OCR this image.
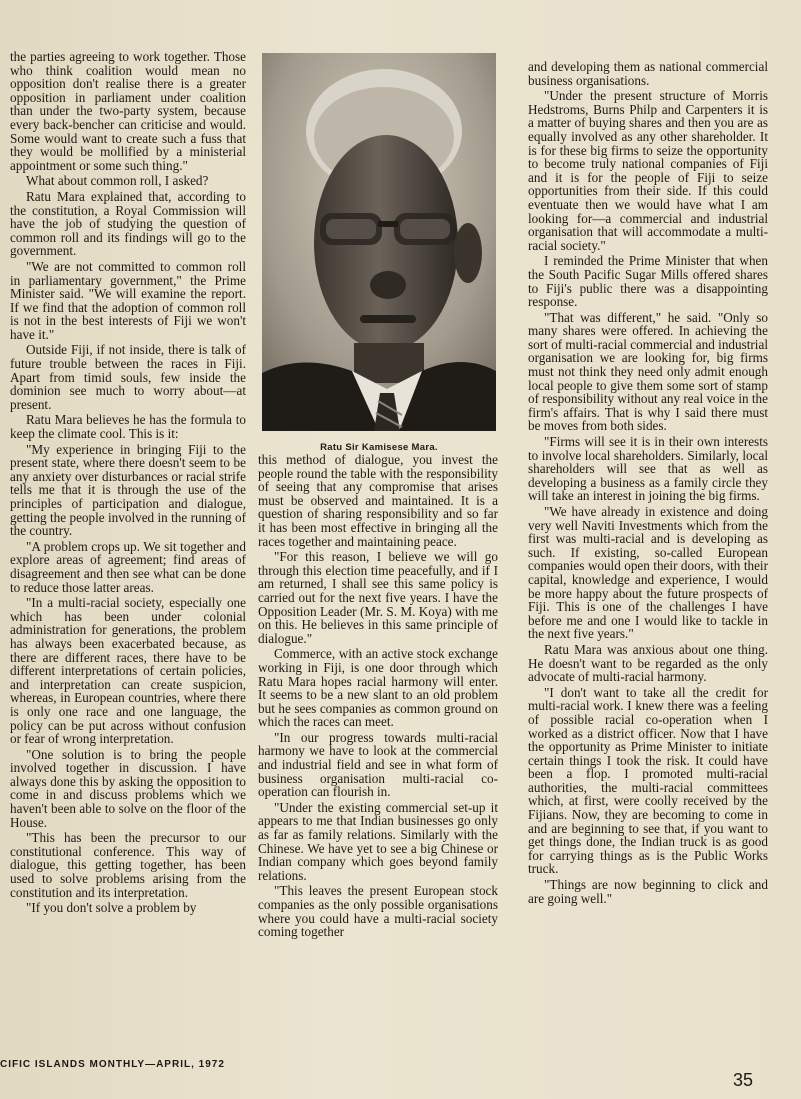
the parties agreeing to work together. Those who think coalition would mean no opposition don't realise there is a greater opposition in parliament under coalition than under the two-party system, because every back-bencher can criticise and would. Some would want to create such a fuss that they would be mollified by a ministerial appointment or some such thing."

What about common roll, I asked?

Ratu Mara explained that, according to the constitution, a Royal Commission will have the job of studying the question of common roll and its findings will go to the government.

"We are not committed to common roll in parliamentary government," the Prime Minister said. "We will examine the report. If we find that the adoption of common roll is not in the best interests of Fiji we won't have it."

Outside Fiji, if not inside, there is talk of future trouble between the races in Fiji. Apart from timid souls, few inside the dominion see much to worry about—at present.

Ratu Mara believes he has the formula to keep the climate cool. This is it:

"My experience in bringing Fiji to the present state, where there doesn't seem to be any anxiety over disturbances or racial strife tells me that it is through the use of the principles of participation and dialogue, getting the people involved in the running of the country.

"A problem crops up. We sit together and explore areas of agreement; find areas of disagreement and then see what can be done to reduce those latter areas.

"In a multi-racial society, especially one which has been under colonial administration for generations, the problem has always been exacerbated because, as there are different races, there have to be different interpretations of certain policies, and interpretation can create suspicion, whereas, in European countries, where there is only one race and one language, the policy can be put across without confusion or fear of wrong interpretation.

"One solution is to bring the people involved together in discussion. I have always done this by asking the opposition to come in and discuss problems which we haven't been able to solve on the floor of the House.

"This has been the precursor to our constitutional conference. This way of dialogue, this getting together, has been used to solve problems arising from the constitution and its interpretation.

"If you don't solve a problem by

Ratu Sir Kamisese Mara.

this method of dialogue, you invest the people round the table with the responsibility of seeing that any compromise that arises must be observed and maintained. It is a question of sharing responsibility and so far it has been most effective in bringing all the races together and maintaining peace.

"For this reason, I believe we will go through this election time peacefully, and if I am returned, I shall see this same policy is carried out for the next five years. I have the Opposition Leader (Mr. S. M. Koya) with me on this. He believes in this same principle of dialogue."

Commerce, with an active stock exchange working in Fiji, is one door through which Ratu Mara hopes racial harmony will enter. It seems to be a new slant to an old problem but he sees companies as common ground on which the races can meet.

"In our progress towards multi-racial harmony we have to look at the commercial and industrial field and see in what form of business organisation multi-racial co-operation can flourish in.

"Under the existing commercial set-up it appears to me that Indian businesses go only as far as family relations. Similarly with the Chinese. We have yet to see a big Chinese or Indian company which goes beyond family relations.

"This leaves the present European stock companies as the only possible organisations where you could have a multi-racial society coming together

and developing them as national commercial business organisations.

"Under the present structure of Morris Hedstroms, Burns Philp and Carpenters it is a matter of buying shares and then you are as equally involved as any other shareholder. It is for these big firms to seize the opportunity to become truly national companies of Fiji and it is for the people of Fiji to seize opportunities from their side. If this could eventuate then we would have what I am looking for—a commercial and industrial organisation that will accommodate a multi-racial society."

I reminded the Prime Minister that when the South Pacific Sugar Mills offered shares to Fiji's public there was a disappointing response.

"That was different," he said. "Only so many shares were offered. In achieving the sort of multi-racial commercial and industrial organisation we are looking for, big firms must not think they need only admit enough local people to give them some sort of stamp of responsibility without any real voice in the firm's affairs. That is why I said there must be moves from both sides.

"Firms will see it is in their own interests to involve local shareholders. Similarly, local shareholders will see that as well as developing a business as a family circle they will take an interest in joining the big firms.

"We have already in existence and doing very well Naviti Investments which from the first was multi-racial and is developing as such. If existing, so-called European companies would open their doors, with their capital, knowledge and experience, I would be more happy about the future prospects of Fiji. This is one of the challenges I have before me and one I would like to tackle in the next five years."

Ratu Mara was anxious about one thing. He doesn't want to be regarded as the only advocate of multi-racial harmony.

"I don't want to take all the credit for multi-racial work. I knew there was a feeling of possible racial co-operation when I worked as a district officer. Now that I have the opportunity as Prime Minister to initiate certain things I took the risk. It could have been a flop. I promoted multi-racial authorities, the multi-racial committees which, at first, were coolly received by the Fijians. Now, they are becoming to come in and are beginning to see that, if you want to get things done, the Indian truck is as good for carrying things as is the Public Works truck.

"Things are now beginning to click and are going well."

CIFIC ISLANDS MONTHLY—APRIL, 1972
35
